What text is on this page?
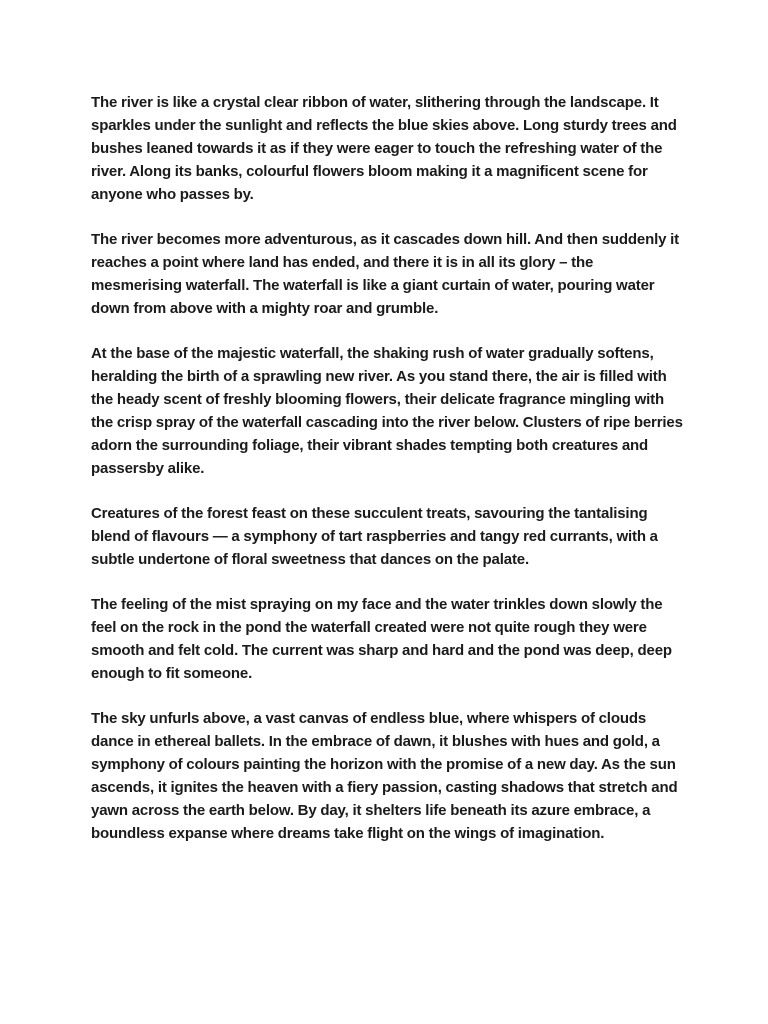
The river is like a crystal clear ribbon of water, slithering through the landscape. It sparkles under the sunlight and reflects the blue skies above. Long sturdy trees and bushes leaned towards it as if they were eager to touch the refreshing water of the river. Along its banks, colourful flowers bloom making it a magnificent scene for anyone who passes by.

The river becomes more adventurous, as it cascades down hill. And then suddenly it reaches a point where land has ended, and there it is in all its glory – the mesmerising waterfall. The waterfall is like a giant curtain of water, pouring water down from above with a mighty roar and grumble.

At the base of the majestic waterfall, the shaking rush of water gradually softens, heralding the birth of a sprawling new river. As you stand there, the air is filled with the heady scent of freshly blooming flowers, their delicate fragrance mingling with the crisp spray of the waterfall cascading into the river below. Clusters of ripe berries adorn the surrounding foliage, their vibrant shades tempting both creatures and passersby alike.

Creatures of the forest feast on these succulent treats, savouring the tantalising blend of flavours — a symphony of tart raspberries and tangy red currants, with a subtle undertone of floral sweetness that dances on the palate.

The feeling of the mist spraying on my face and the water trinkles down slowly the feel on the rock in the pond the waterfall created were not quite rough they were smooth and felt cold. The current was sharp and hard and the pond was deep, deep enough to fit someone.

The sky unfurls above, a vast canvas of endless blue, where whispers of clouds dance in ethereal ballets. In the embrace of dawn, it blushes with hues and gold, a symphony of colours painting the horizon with the promise of a new day. As the sun ascends, it ignites the heaven with a fiery passion, casting shadows that stretch and yawn across the earth below. By day, it shelters life beneath its azure embrace, a boundless expanse where dreams take flight on the wings of imagination.
